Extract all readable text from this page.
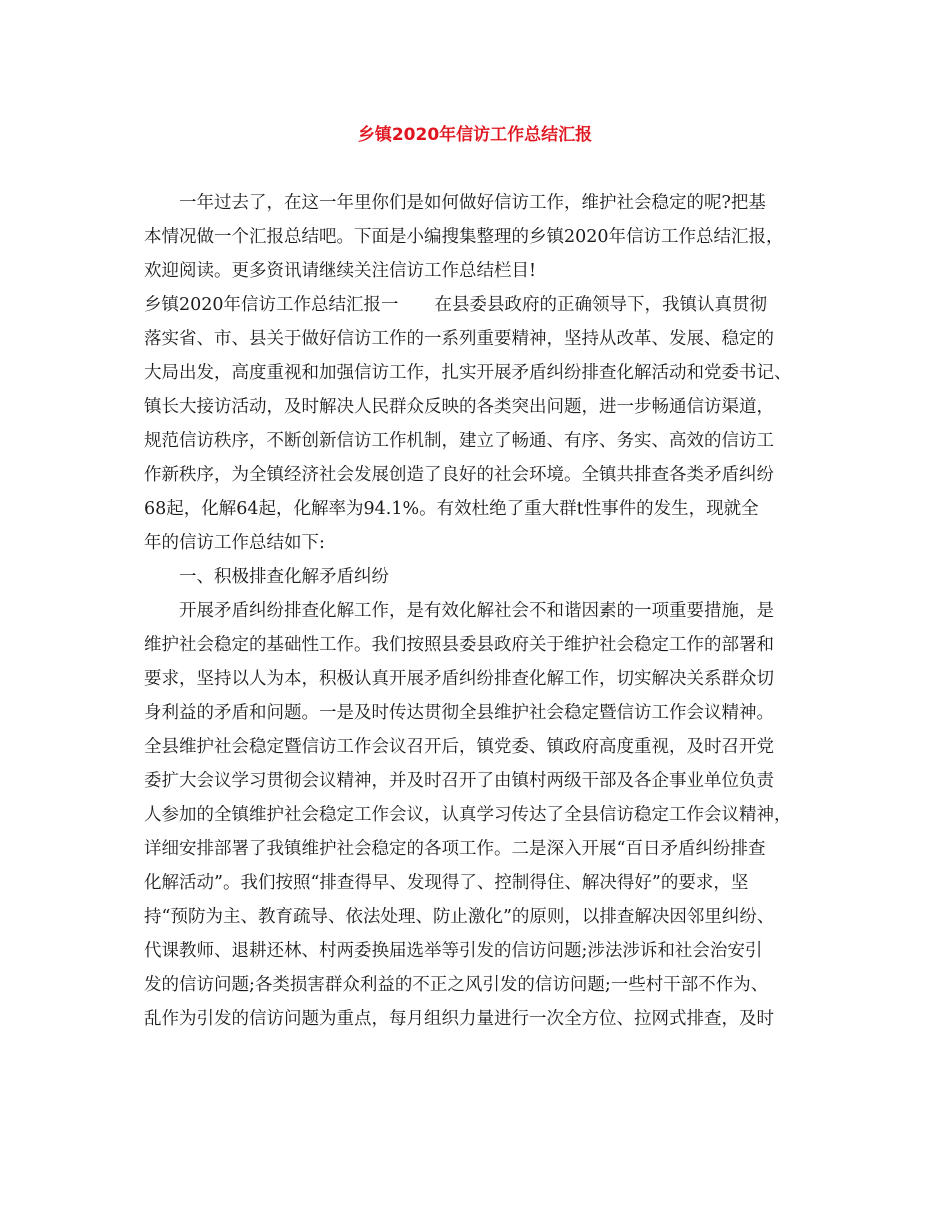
乡镇2020年信访工作总结汇报
一年过去了，在这一年里你们是如何做好信访工作，维护社会稳定的呢?把基
本情况做一个汇报总结吧。下面是小编搜集整理的乡镇2020年信访工作总结汇报，
欢迎阅读。更多资讯请继续关注信访工作总结栏目!
乡镇2020年信访工作总结汇报一 在县委县政府的正确领导下，我镇认真贯彻
落实省、市、县关于做好信访工作的一系列重要精神，坚持从改革、发展、稳定的
大局出发，高度重视和加强信访工作，扎实开展矛盾纠纷排查化解活动和党委书记、
镇长大接访活动，及时解决人民群众反映的各类突出问题，进一步畅通信访渠道，
规范信访秩序，不断创新信访工作机制，建立了畅通、有序、务实、高效的信访工
作新秩序，为全镇经济社会发展创造了良好的社会环境。全镇共排查各类矛盾纠纷
68起，化解64起，化解率为94.1%。有效杜绝了重大群t性事件的发生，现就全
年的信访工作总结如下:
一、积极排查化解矛盾纠纷
开展矛盾纠纷排查化解工作，是有效化解社会不和谐因素的一项重要措施，是
维护社会稳定的基础性工作。我们按照县委县政府关于维护社会稳定工作的部署和
要求，坚持以人为本，积极认真开展矛盾纠纷排查化解工作，切实解决关系群众切
身利益的矛盾和问题。一是及时传达贯彻全县维护社会稳定暨信访工作会议精神。
全县维护社会稳定暨信访工作会议召开后，镇党委、镇政府高度重视，及时召开党
委扩大会议学习贯彻会议精神，并及时召开了由镇村两级干部及各企事业单位负责
人参加的全镇维护社会稳定工作会议，认真学习传达了全县信访稳定工作会议精神，
详细安排部署了我镇维护社会稳定的各项工作。二是深入开展“百日矛盾纠纷排查
化解活动”。我们按照“排查得早、发现得了、控制得住、解决得好”的要求，坚
持“预防为主、教育疏导、依法处理、防止激化”的原则，以排查解决因邻里纠纷、
代课教师、退耕还林、村两委换届选举等引发的信访问题;涉法涉诉和社会治安引
发的信访问题;各类损害群众利益的不正之风引发的信访问题;一些村干部不作为、
乱作为引发的信访问题为重点，每月组织力量进行一次全方位、拉网式排查，及时
